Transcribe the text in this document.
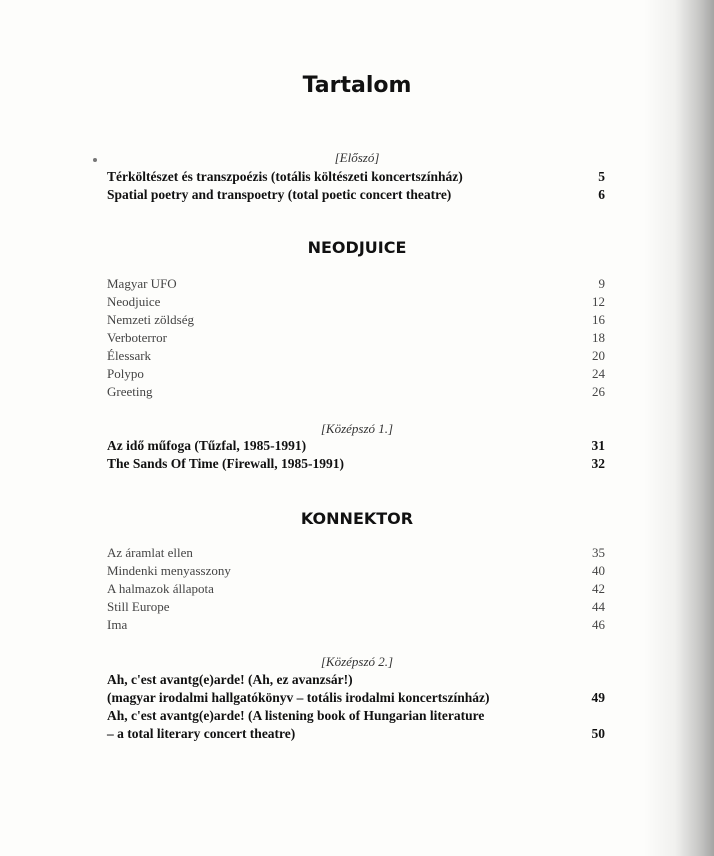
Tartalom
[Előszó]
Térköltészet és transzpoézis (totális költészeti koncertszínház)	5
Spatial poetry and transpoetry (total poetic concert theatre)	6
NEODJUICE
Magyar UFO	9
Neodjuice	12
Nemzeti zöldség	16
Verboterror	18
Élessark	20
Polypo	24
Greeting	26
[Középszó 1.]
Az idő műfoga (Tűzfal, 1985-1991)	31
The Sands Of Time (Firewall, 1985-1991)	32
KONNEKTOR
Az áramlat ellen	35
Mindenki menyasszony	40
A halmazok állapota	42
Still Europe	44
Ima	46
[Középszó 2.]
Ah, c'est avantg(e)arde! (Ah, ez avanzsár!)
(magyar irodalmi hallgatókönyv – totális irodalmi koncertszínház)	49
Ah, c'est avantg(e)arde! (A listening book of Hungarian literature
– a total literary concert theatre)	50
